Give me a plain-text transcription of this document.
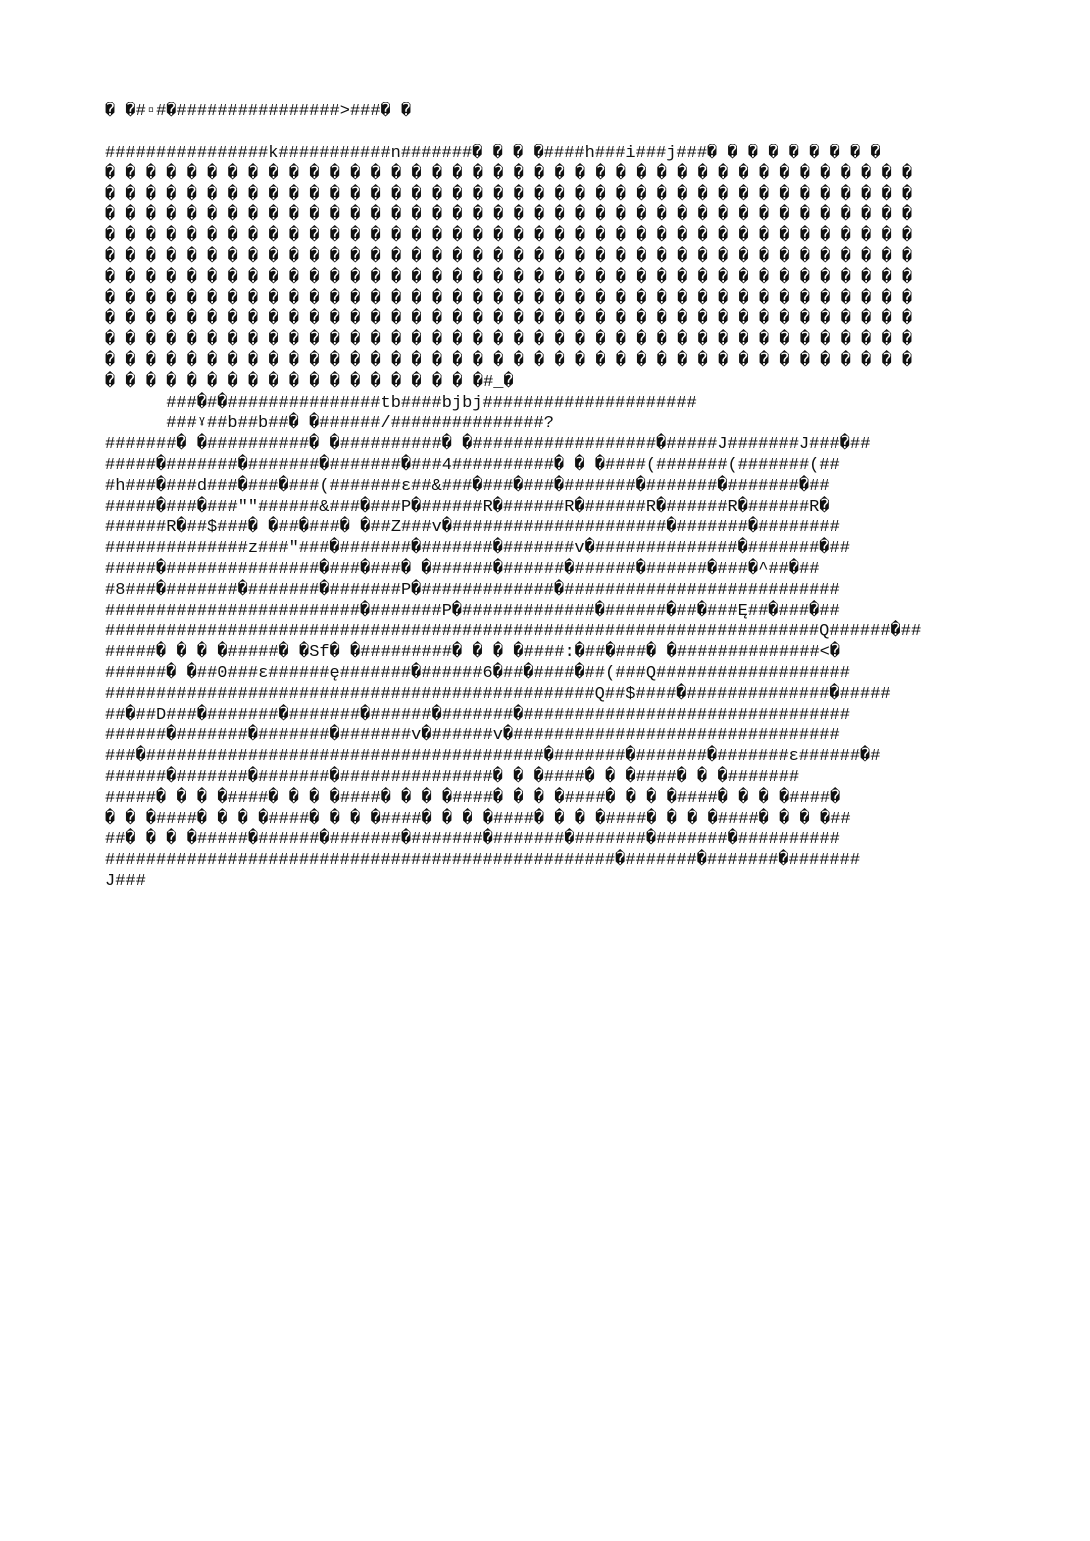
� �#▫#�################>###� �
################k###########n#######� � � �####h###i###j###� � � � � � � � �
� � � � � � � � � � � � � � � � � � � � � � � � � � � � � � � � � � � � � � � �
� � � � � � � � � � � � � � � � � � � � � � � � � � � � � � � � � � � � � � � �
� � � � � � � � � � � � � � � � � � � � � � � � � � � � � � � � � � � � � � � �
� � � � � � � � � � � � � � � � � � � � � � � � � � � � � � � � � � � � � � � �
� � � � � � � � � � � � � � � � � � � � � � � � � � � � � � � � � � � � � � � �
� � � � � � � � � � � � � � � � � � � � � � � � � � � � � � � � � � � � � � � �
� � � � � � � � � � � � � � � � � � � � � � � � � � � � � � � � � � � � � � � �
� � � � � � � � � � � � � � � � � � � � � � � � � � � � � � � � � � � � � � � �
� � � � � � � � � � � � � � � � � � � � � � � � � � � � � � � � � � � � � � � �
� � � � � � � � � � � � � � � � � � � � � � � � � � � � � � � � � � � � � � � �
� � � � � � � � � � � � � � � � � � �#_�
###�#�###############tb####bjbj#####################
###ˠ##b##b##� �######/###############?
#######� �##########� �##########� �##################�#####J#######J###�##
#####�#######�#######�#######�###4##########� � �####(#######(#######(##
#h###�###d###�###�###(#######ɛ##&###�###�###�#######�#######�#######�##
#####�###�###""######&###�###P�######R�######R�######R�######R�######R�
######R�##$###� �##�###� �##Z###v�#####################�#######�########
##############z###"###�#######�#######�#######v�##############�#######�##
#####�###############�###�###� �######�######�######�######�###�^##�##
#8###�#######�#######�#######P�#############�###########################
#########################�#######P�#############�######�##�###Ę##�###�##
######################################################################Q######�##
#####� � � �#####� �Sf� �#########� � � �####:�##�###� �##############<�
######� �##0###ɛ######ę#######�######6�##�####�##(###Q###################
################################################Q##$####�##############�#####
##�##D###�#######�#######�######�#######�################################
######�#######�#######�#######v�######v�################################
###�#######################################�#######�#######�#######ɛ######�#
######�#######�#######�###############� � �####� � �####� � �#######
#####� � � �####� � � �####� � � �####� � � �####� � � �####� � � �####�
� � �####� � � �####� � � �####� � � �####� � � �####� � � �####� � � �##
##� � � �#####�######�#######�#######�#######�#######�#######�##########
##################################################�#######�#######�#######
J###
